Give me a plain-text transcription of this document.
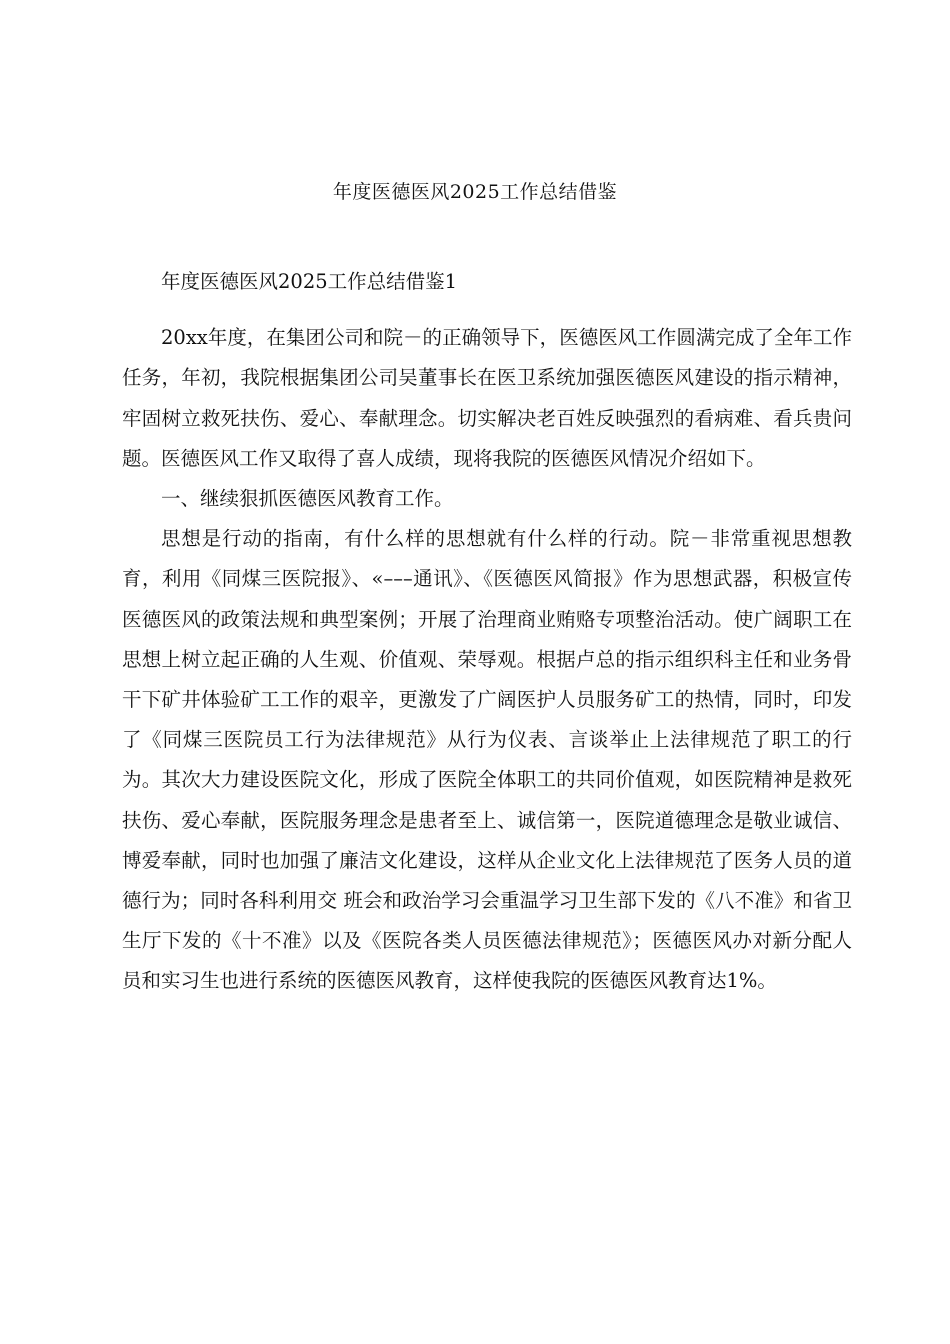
年度医德医风2025工作总结借鉴

年度医德医风2025工作总结借鉴1

20xx年度，在集团公司和院－的正确领导下，医德医风工作圆满完成了全年工作任务，年初，我院根据集团公司吴董事长在医卫系统加强医德医风建设的指示精神，牢固树立救死扶伤、爱心、奉献理念。切实解决老百姓反映强烈的看病难、看兵贵问题。医德医风工作又取得了喜人成绩，现将我院的医德医风情况介绍如下。

一、继续狠抓医德医风教育工作。

思想是行动的指南，有什么样的思想就有什么样的行动。院－非常重视思想教育，利用《同煤三医院报》、«–––通讯》、《医德医风简报》作为思想武器，积极宣传医德医风的政策法规和典型案例；开展了治理商业贿赂专项整治活动。使广阔职工在思想上树立起正确的人生观、价值观、荣辱观。根据卢总的指示组织科主任和业务骨干下矿井体验矿工工作的艰辛，更激发了广阔医护人员服务矿工的热情，同时，印发了《同煤三医院员工行为法律规范》从行为仪表、言谈举止上法律规范了职工的行为。其次大力建设医院文化，形成了医院全体职工的共同价值观，如医院精神是救死扶伤、爱心奉献，医院服务理念是患者至上、诚信第一，医院道德理念是敬业诚信、博爱奉献，同时也加强了廉洁文化建设，这样从企业文化上法律规范了医务人员的道德行为；同时各科利用交 班会和政治学习会重温学习卫生部下发的《八不准》和省卫生厅下发的《十不准》以及《医院各类人员医德法律规范》；医德医风办对新分配人员和实习生也进行系统的医德医风教育，这样使我院的医德医风教育达1%。
